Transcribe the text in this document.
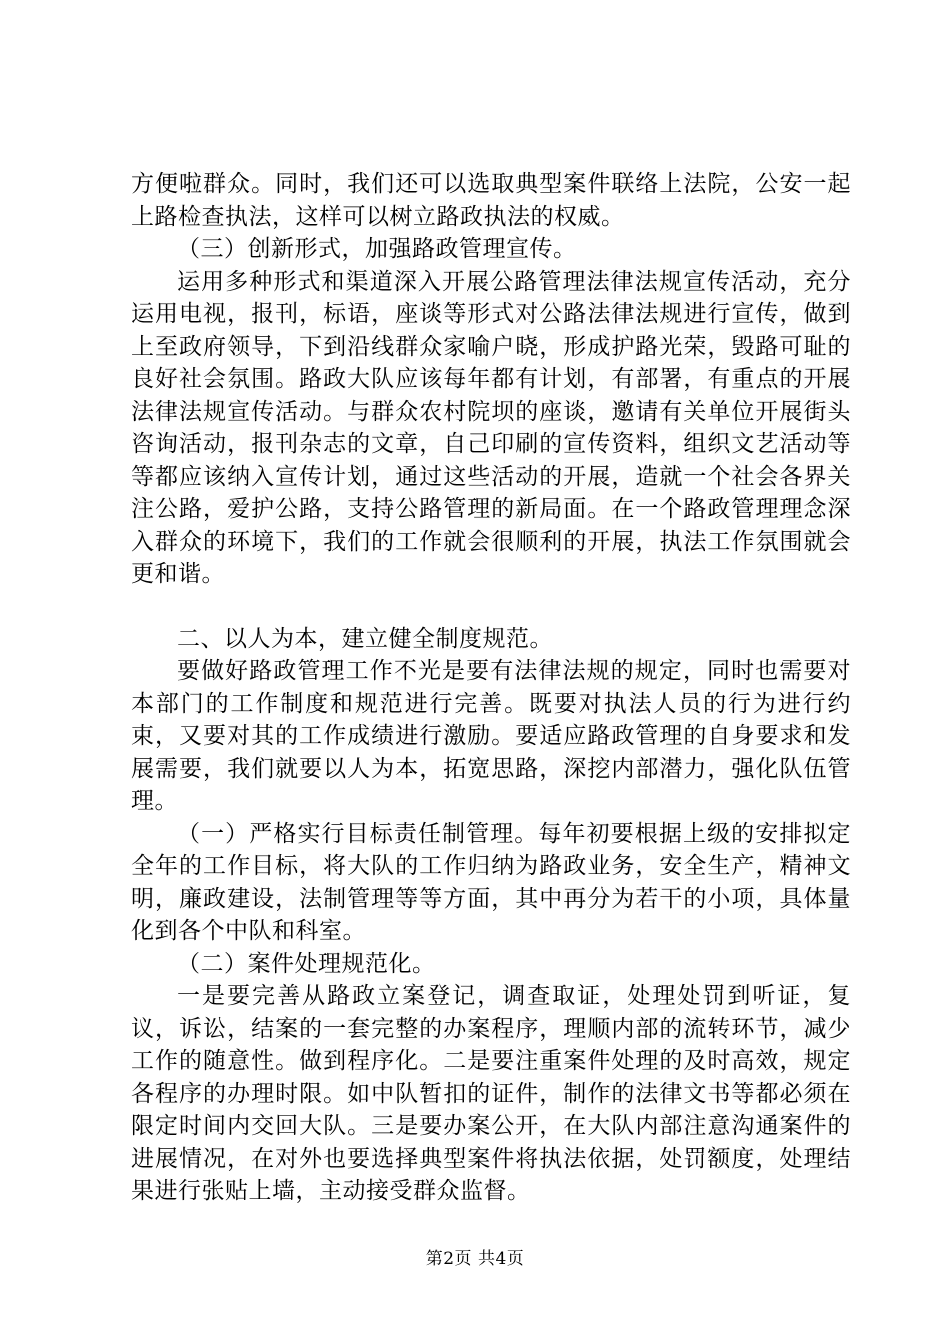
方便啦群众。同时，我们还可以选取典型案件联络上法院，公安一起上路检查执法，这样可以树立路政执法的权威。

（三）创新形式，加强路政管理宣传。

运用多种形式和渠道深入开展公路管理法律法规宣传活动，充分运用电视，报刊，标语，座谈等形式对公路法律法规进行宣传，做到上至政府领导，下到沿线群众家喻户晓，形成护路光荣，毁路可耻的良好社会氛围。路政大队应该每年都有计划，有部署，有重点的开展法律法规宣传活动。与群众农村院坝的座谈，邀请有关单位开展街头咨询活动，报刊杂志的文章，自己印刷的宣传资料，组织文艺活动等等都应该纳入宣传计划，通过这些活动的开展，造就一个社会各界关注公路，爱护公路，支持公路管理的新局面。在一个路政管理理念深入群众的环境下，我们的工作就会很顺利的开展，执法工作氛围就会更和谐。

二、以人为本，建立健全制度规范。

要做好路政管理工作不光是要有法律法规的规定，同时也需要对本部门的工作制度和规范进行完善。既要对执法人员的行为进行约束，又要对其的工作成绩进行激励。要适应路政管理的自身要求和发展需要，我们就要以人为本，拓宽思路，深挖内部潜力，强化队伍管理。

（一）严格实行目标责任制管理。每年初要根据上级的安排拟定全年的工作目标，将大队的工作归纳为路政业务，安全生产，精神文明，廉政建设，法制管理等等方面，其中再分为若干的小项，具体量化到各个中队和科室。

（二）案件处理规范化。

一是要完善从路政立案登记，调查取证，处理处罚到听证，复议，诉讼，结案的一套完整的办案程序，理顺内部的流转环节，减少工作的随意性。做到程序化。二是要注重案件处理的及时高效，规定各程序的办理时限。如中队暂扣的证件，制作的法律文书等都必须在限定时间内交回大队。三是要办案公开，在大队内部注意沟通案件的进展情况，在对外也要选择典型案件将执法依据，处罚额度，处理结果进行张贴上墙，主动接受群众监督。

第2页 共4页
